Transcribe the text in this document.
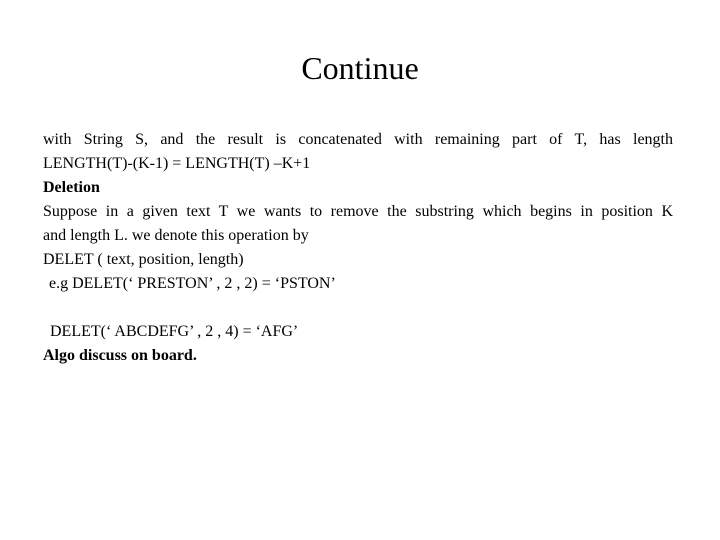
Continue
with String S, and the result is concatenated with remaining part of T, has length
LENGTH(T)-(K-1) = LENGTH(T) –K+1
Deletion
Suppose in a given text T we wants to remove the substring which begins in position K
and length L. we denote this operation by
DELET ( text, position, length)
e.g DELET(‘ PRESTON’ , 2 , 2) = ‘PSTON’
DELET(‘ ABCDEFG’ , 2 , 4) = ‘AFG’
Algo discuss on board.
